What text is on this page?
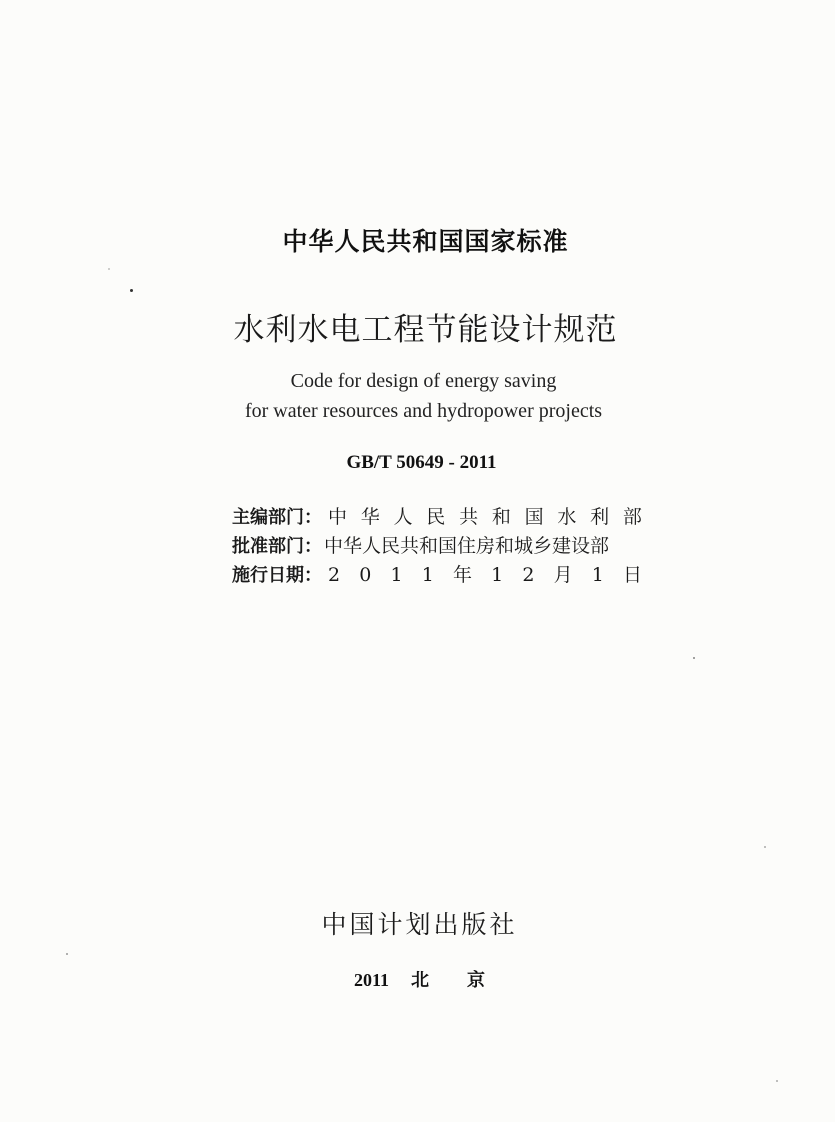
中华人民共和国国家标准
水利水电工程节能设计规范
Code for design of energy saving
for water resources and hydropower projects
GB/T 50649 - 2011
主编部门： 中 华 人 民 共 和 国 水 利 部
批准部门： 中华人民共和国住房和城乡建设部
施行日期： 2 0 1 1 年 1 2 月 1 日
中国计划出版社
2011 北 京
